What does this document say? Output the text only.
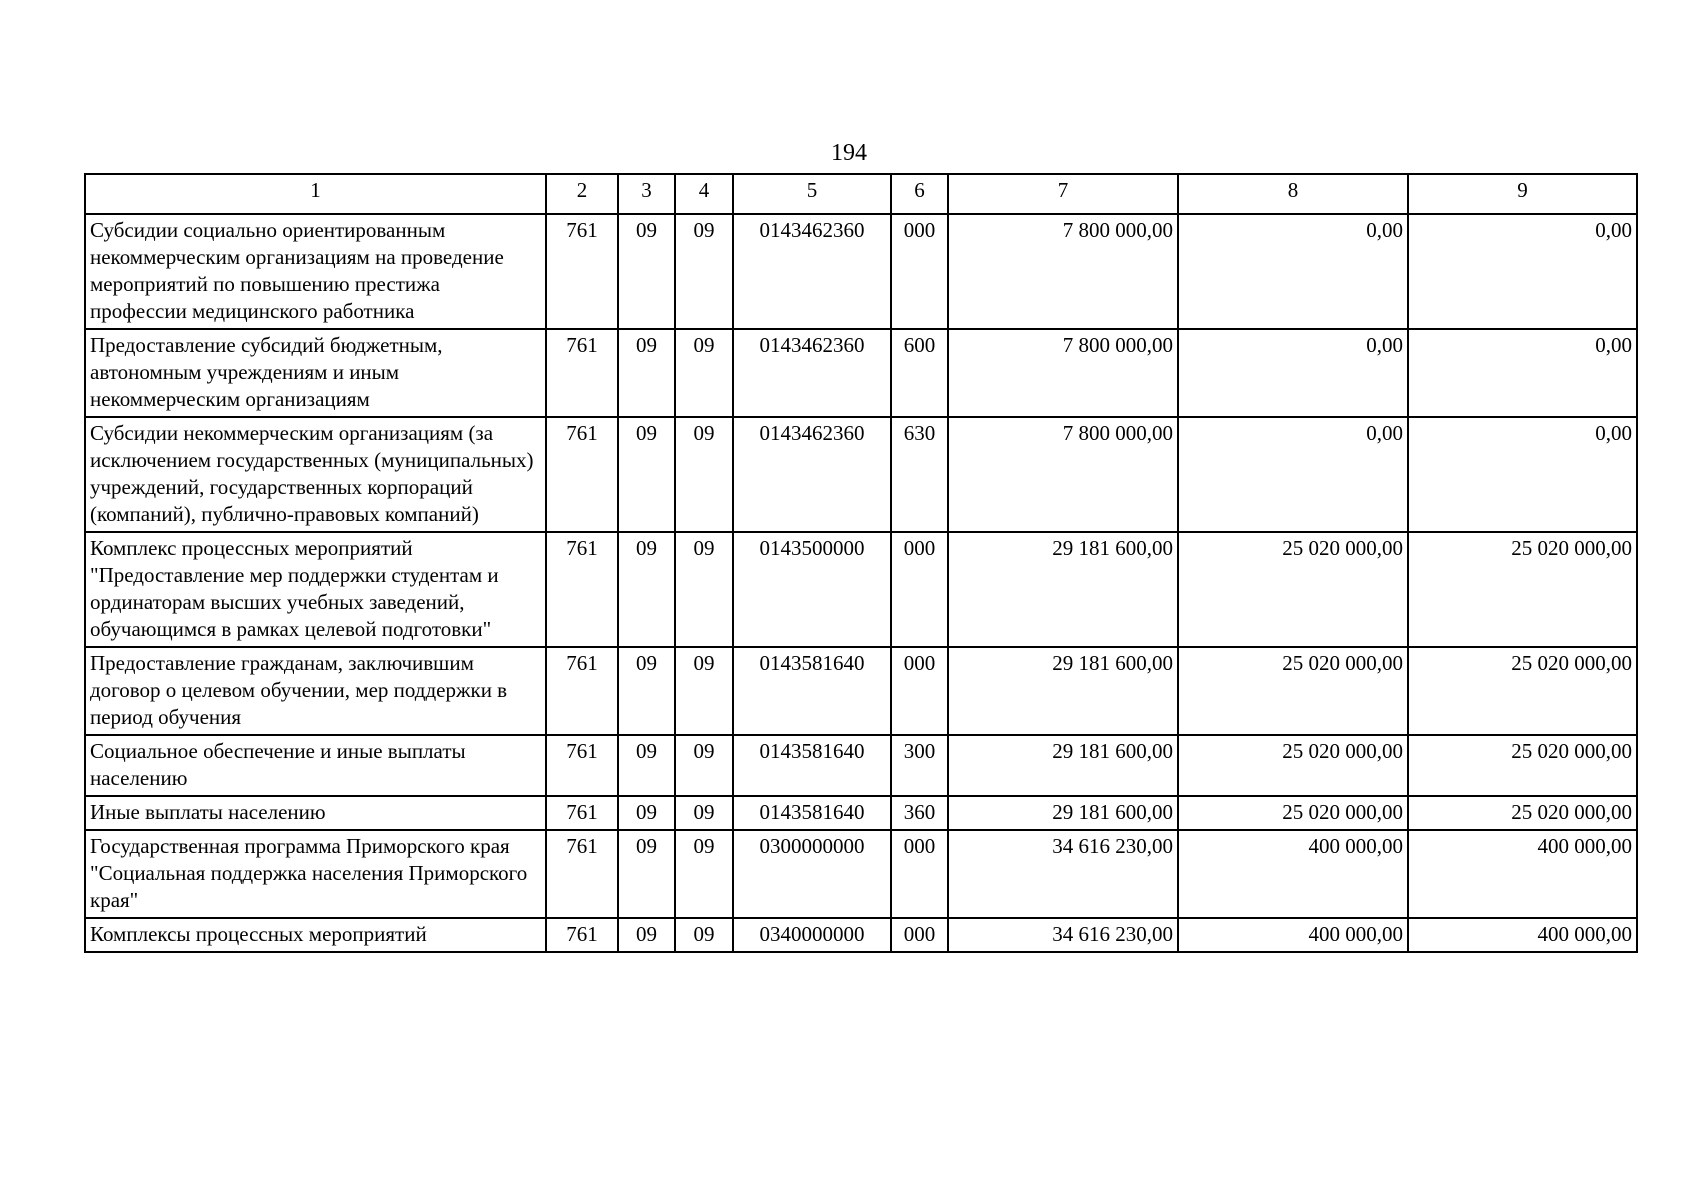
194
1	2	3	4	5	6	7	8	9
Субсидии социально ориентированным некоммерческим организациям на проведение мероприятий по повышению престижа профессии медицинского работника	761	09	09	0143462360	000	7 800 000,00	0,00	0,00
Предоставление субсидий бюджетным, автономным учреждениям и иным некоммерческим организациям	761	09	09	0143462360	600	7 800 000,00	0,00	0,00
Субсидии некоммерческим организациям (за исключением государственных (муниципальных) учреждений, государственных корпораций (компаний), публично-правовых компаний)	761	09	09	0143462360	630	7 800 000,00	0,00	0,00
Комплекс процессных мероприятий "Предоставление мер поддержки студентам и ординаторам высших учебных заведений, обучающимся в рамках целевой подготовки"	761	09	09	0143500000	000	29 181 600,00	25 020 000,00	25 020 000,00
Предоставление гражданам, заключившим договор о целевом обучении, мер поддержки в период обучения	761	09	09	0143581640	000	29 181 600,00	25 020 000,00	25 020 000,00
Социальное обеспечение и иные выплаты населению	761	09	09	0143581640	300	29 181 600,00	25 020 000,00	25 020 000,00
Иные выплаты населению	761	09	09	0143581640	360	29 181 600,00	25 020 000,00	25 020 000,00
Государственная программа Приморского края "Социальная поддержка населения Приморского края"	761	09	09	0300000000	000	34 616 230,00	400 000,00	400 000,00
Комплексы процессных мероприятий	761	09	09	0340000000	000	34 616 230,00	400 000,00	400 000,00
